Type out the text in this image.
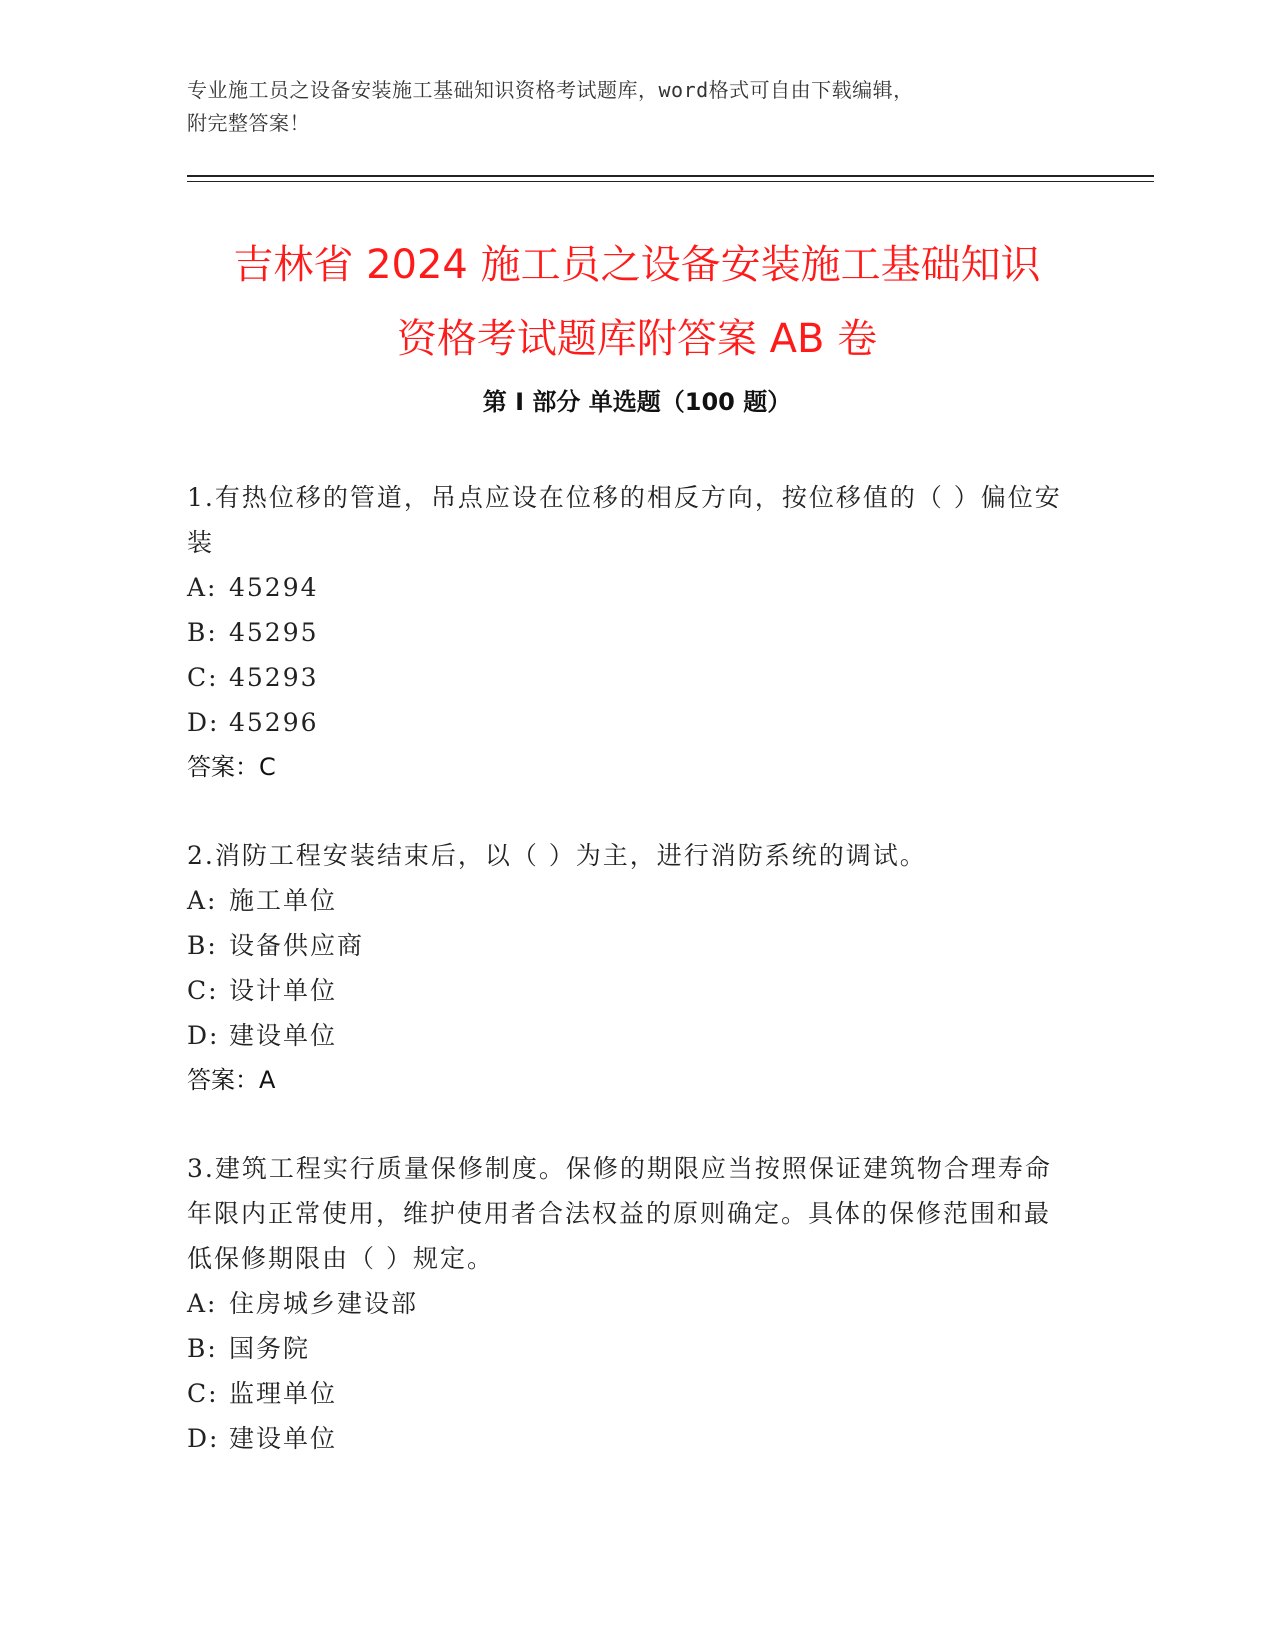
专业施工员之设备安装施工基础知识资格考试题库，word格式可自由下载编辑，
附完整答案！
吉林省 2024 施工员之设备安装施工基础知识
资格考试题库附答案 AB 卷
第 I 部分 单选题（100 题）

1.有热位移的管道，吊点应设在位移的相反方向，按位移值的（ ）偏位安装

A: 45294
B: 45295
C: 45293
D: 45296
答案：C

2.消防工程安装结束后，以（ ）为主，进行消防系统的调试。

A: 施工单位
B: 设备供应商
C: 设计单位
D: 建设单位
答案：A

3.建筑工程实行质量保修制度。保修的期限应当按照保证建筑物合理寿命年限内正常使用，维护使用者合法权益的原则确定。具体的保修范围和最低保修期限由（ ）规定。

A: 住房城乡建设部
B: 国务院
C: 监理单位
D: 建设单位
